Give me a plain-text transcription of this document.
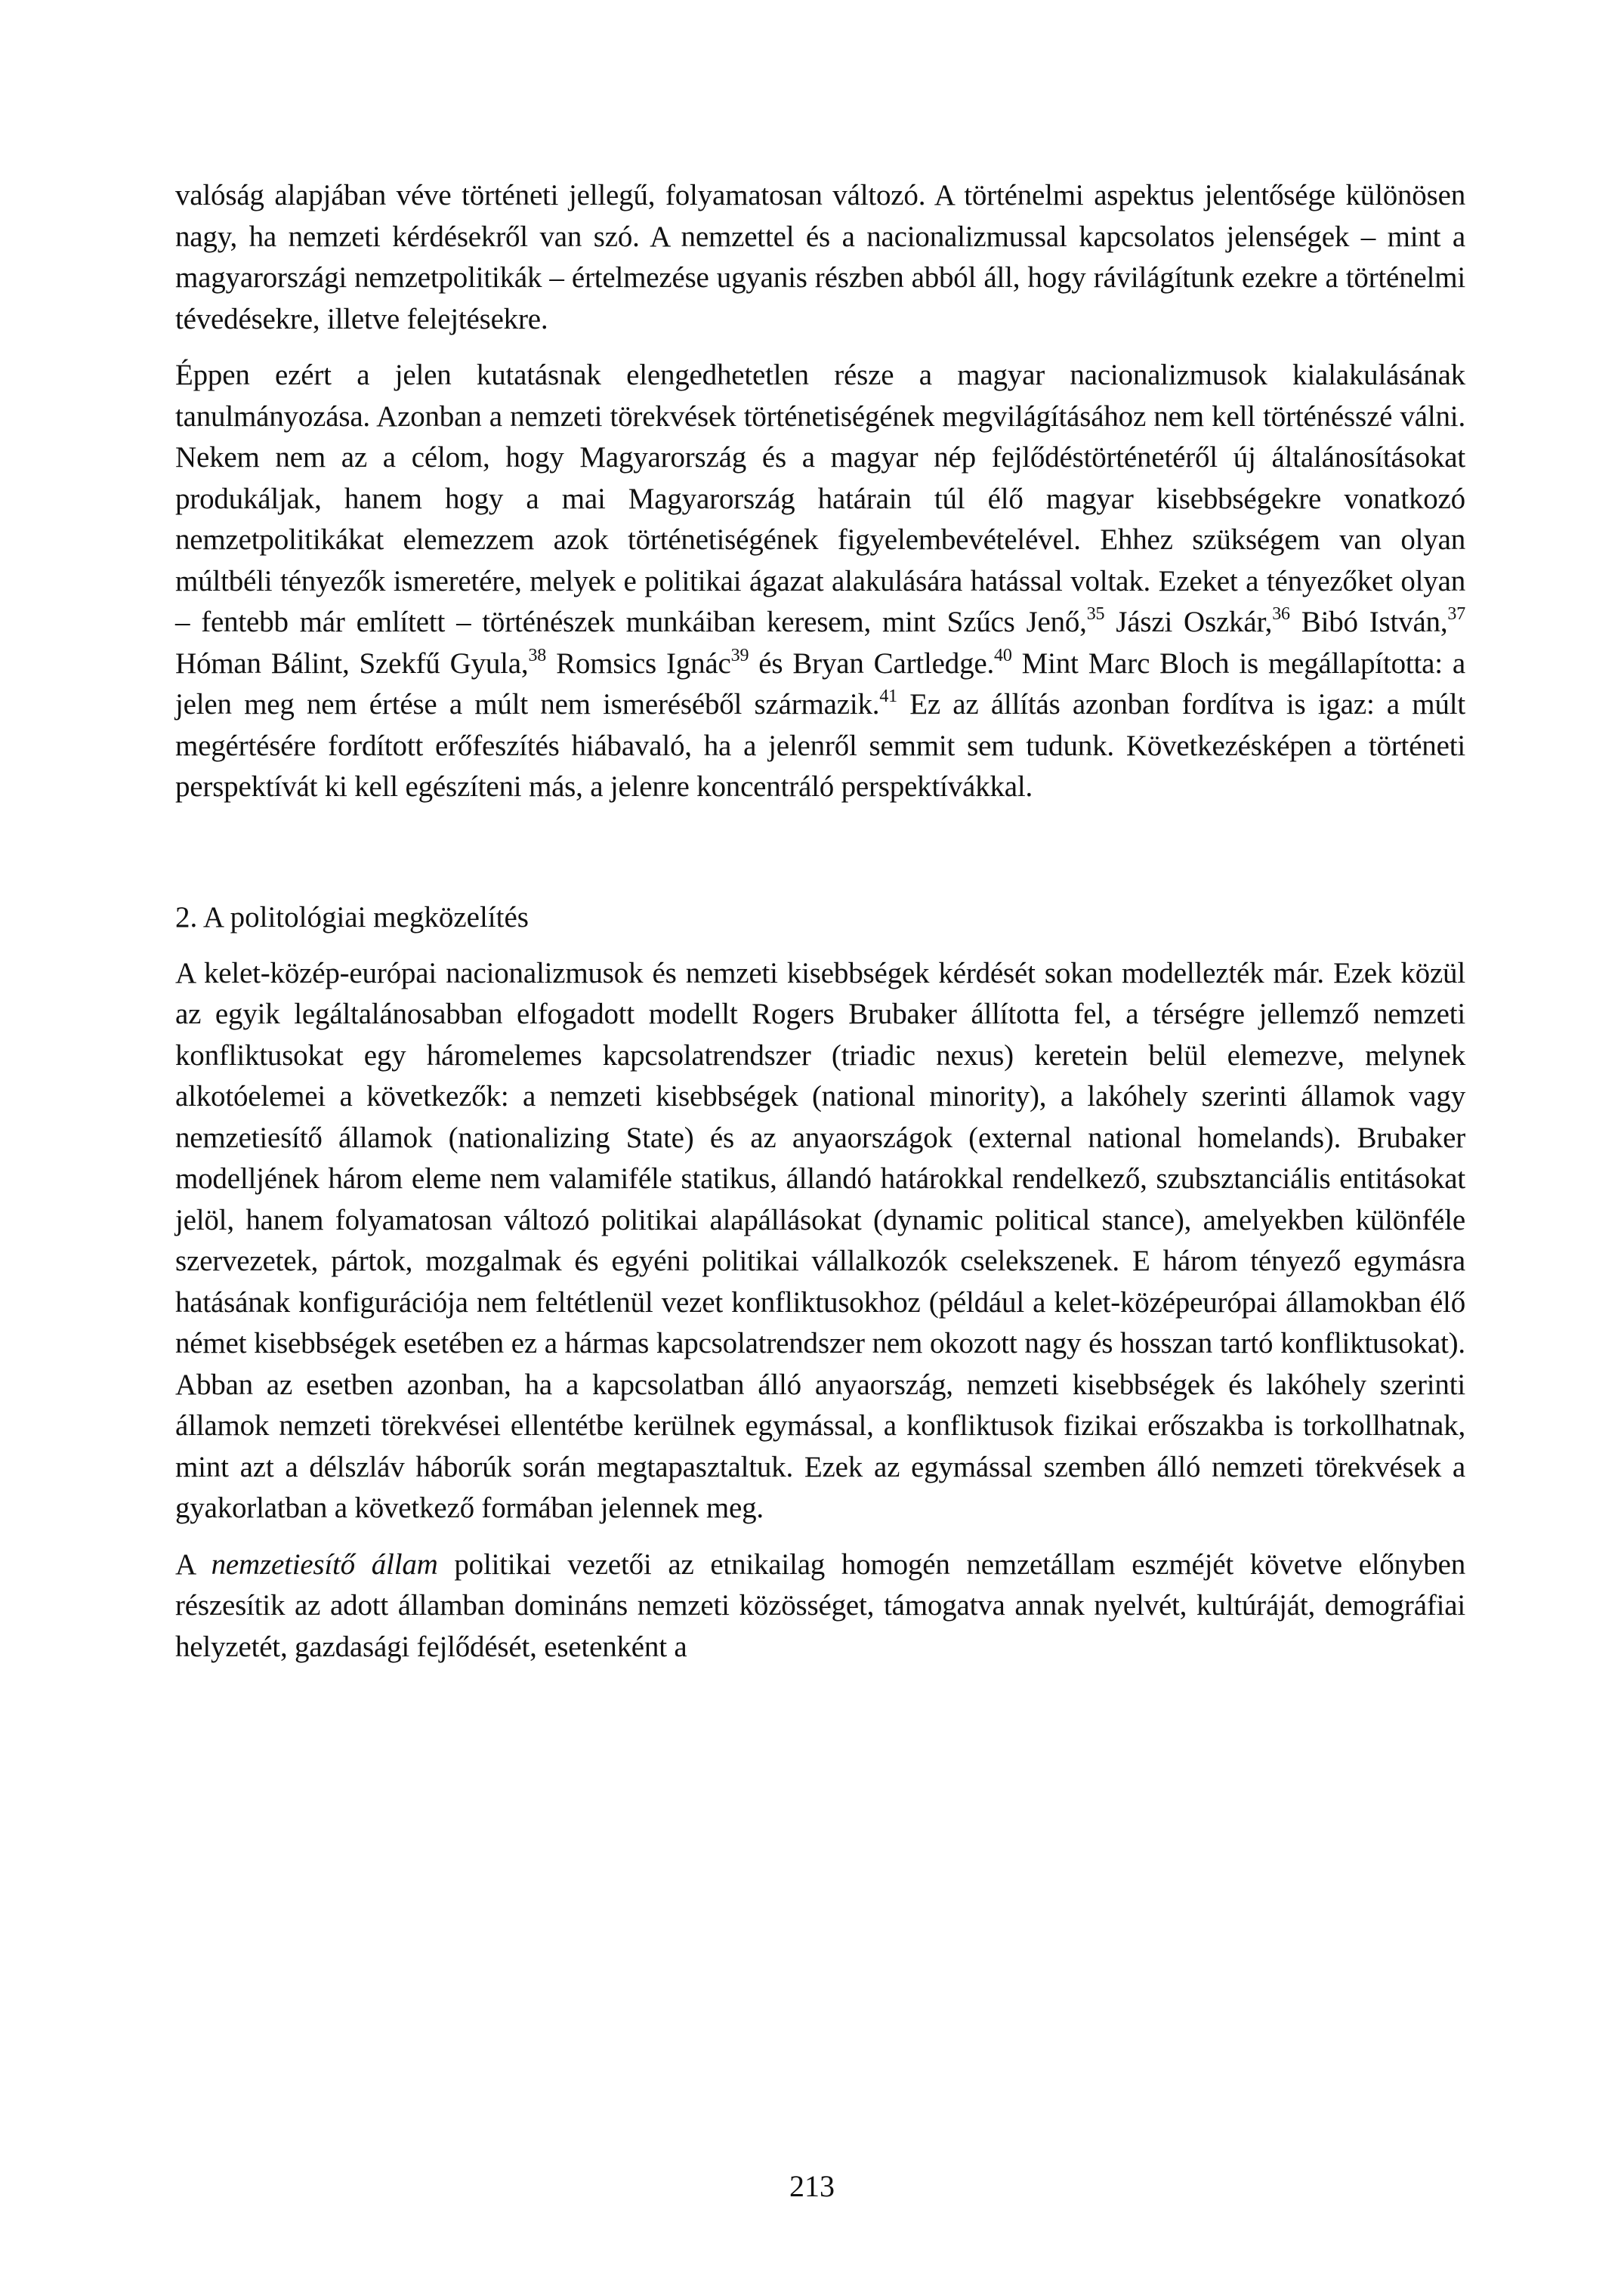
valóság alapjában véve történeti jellegű, folyamatosan változó. A történelmi aspektus jelentősége különösen nagy, ha nemzeti kérdésekről van szó. A nemzettel és a nacionalizmussal kapcsolatos jelenségek – mint a magyarországi nemzetpolitikák – értelmezése ugyanis részben abból áll, hogy rávilágítunk ezekre a történelmi tévedésekre, illetve felejtésekre.

Éppen ezért a jelen kutatásnak elengedhetetlen része a magyar nacionalizmusok kialakulásának tanulmányozása. Azonban a nemzeti törekvések történetiségének megvilágításához nem kell történésszé válni. Nekem nem az a célom, hogy Magyarország és a magyar nép fejlődéstörténetéről új általánosításokat produkáljak, hanem hogy a mai Magyarország határain túl élő magyar kisebbségekre vonatkozó nemzetpolitikákat elemezzem azok történetiségének figyelembevételével. Ehhez szükségem van olyan múltbéli tényezők ismeretére, melyek e politikai ágazat alakulására hatással voltak. Ezeket a tényezőket olyan – fentebb már említett – történészek munkáiban keresem, mint Szűcs Jenő,$^{35}$ Jászi Oszkár,$^{36}$ Bibó István,$^{37}$ Hóman Bálint, Szekfű Gyula,$^{38}$ Romsics Ignác$^{39}$ és Bryan Cartledge.$^{40}$ Mint Marc Bloch is megállapította: a jelen meg nem értése a múlt nem ismeréséből származik.$^{41}$ Ez az állítás azonban fordítva is igaz: a múlt megértésére fordított erőfeszítés hiábavaló, ha a jelenről semmit sem tudunk. Következésképen a történeti perspektívát ki kell egészíteni más, a jelenre koncentráló perspektívákkal.

2. A politológiai megközelítés

A kelet-közép-európai nacionalizmusok és nemzeti kisebbségek kérdését sokan modellezték már. Ezek közül az egyik legáltalánosabban elfogadott modellt Rogers Brubaker állította fel, a térségre jellemző nemzeti konfliktusokat egy háromelemes kapcsolatrendszer (triadic nexus) keretein belül elemezve, melynek alkotóelemei a következők: a nemzeti kisebbségek (national minority), a lakóhely szerinti államok vagy nemzetiesítő államok (nationalizing State) és az anyaországok (external national homelands). Brubaker modelljének három eleme nem valamiféle statikus, állandó határokkal rendelkező, szubsztanciális entitásokat jelöl, hanem folyamatosan változó politikai alapállásokat (dynamic political stance), amelyekben különféle szervezetek, pártok, mozgalmak és egyéni politikai vállalkozók cselekszenek. E három tényező egymásra hatásának konfigurációja nem feltétlenül vezet konfliktusokhoz (például a kelet-középeurópai államokban élő német kisebbségek esetében ez a hármas kapcsolatrendszer nem okozott nagy és hosszan tartó konfliktusokat). Abban az esetben azonban, ha a kapcsolatban álló anyaország, nemzeti kisebbségek és lakóhely szerinti államok nemzeti törekvései ellentétbe kerülnek egymással, a konfliktusok fizikai erőszakba is torkollhatnak, mint azt a délszláv háborúk során megtapasztaltuk. Ezek az egymással szemben álló nemzeti törekvések a gyakorlatban a következő formában jelennek meg.

A nemzetiesítő állam politikai vezetői az etnikailag homogén nemzetállam eszméjét követve előnyben részesítik az adott államban domináns nemzeti közösséget, támogatva annak nyelvét, kultúráját, demográfiai helyzetét, gazdasági fejlődését, esetenként a

213
